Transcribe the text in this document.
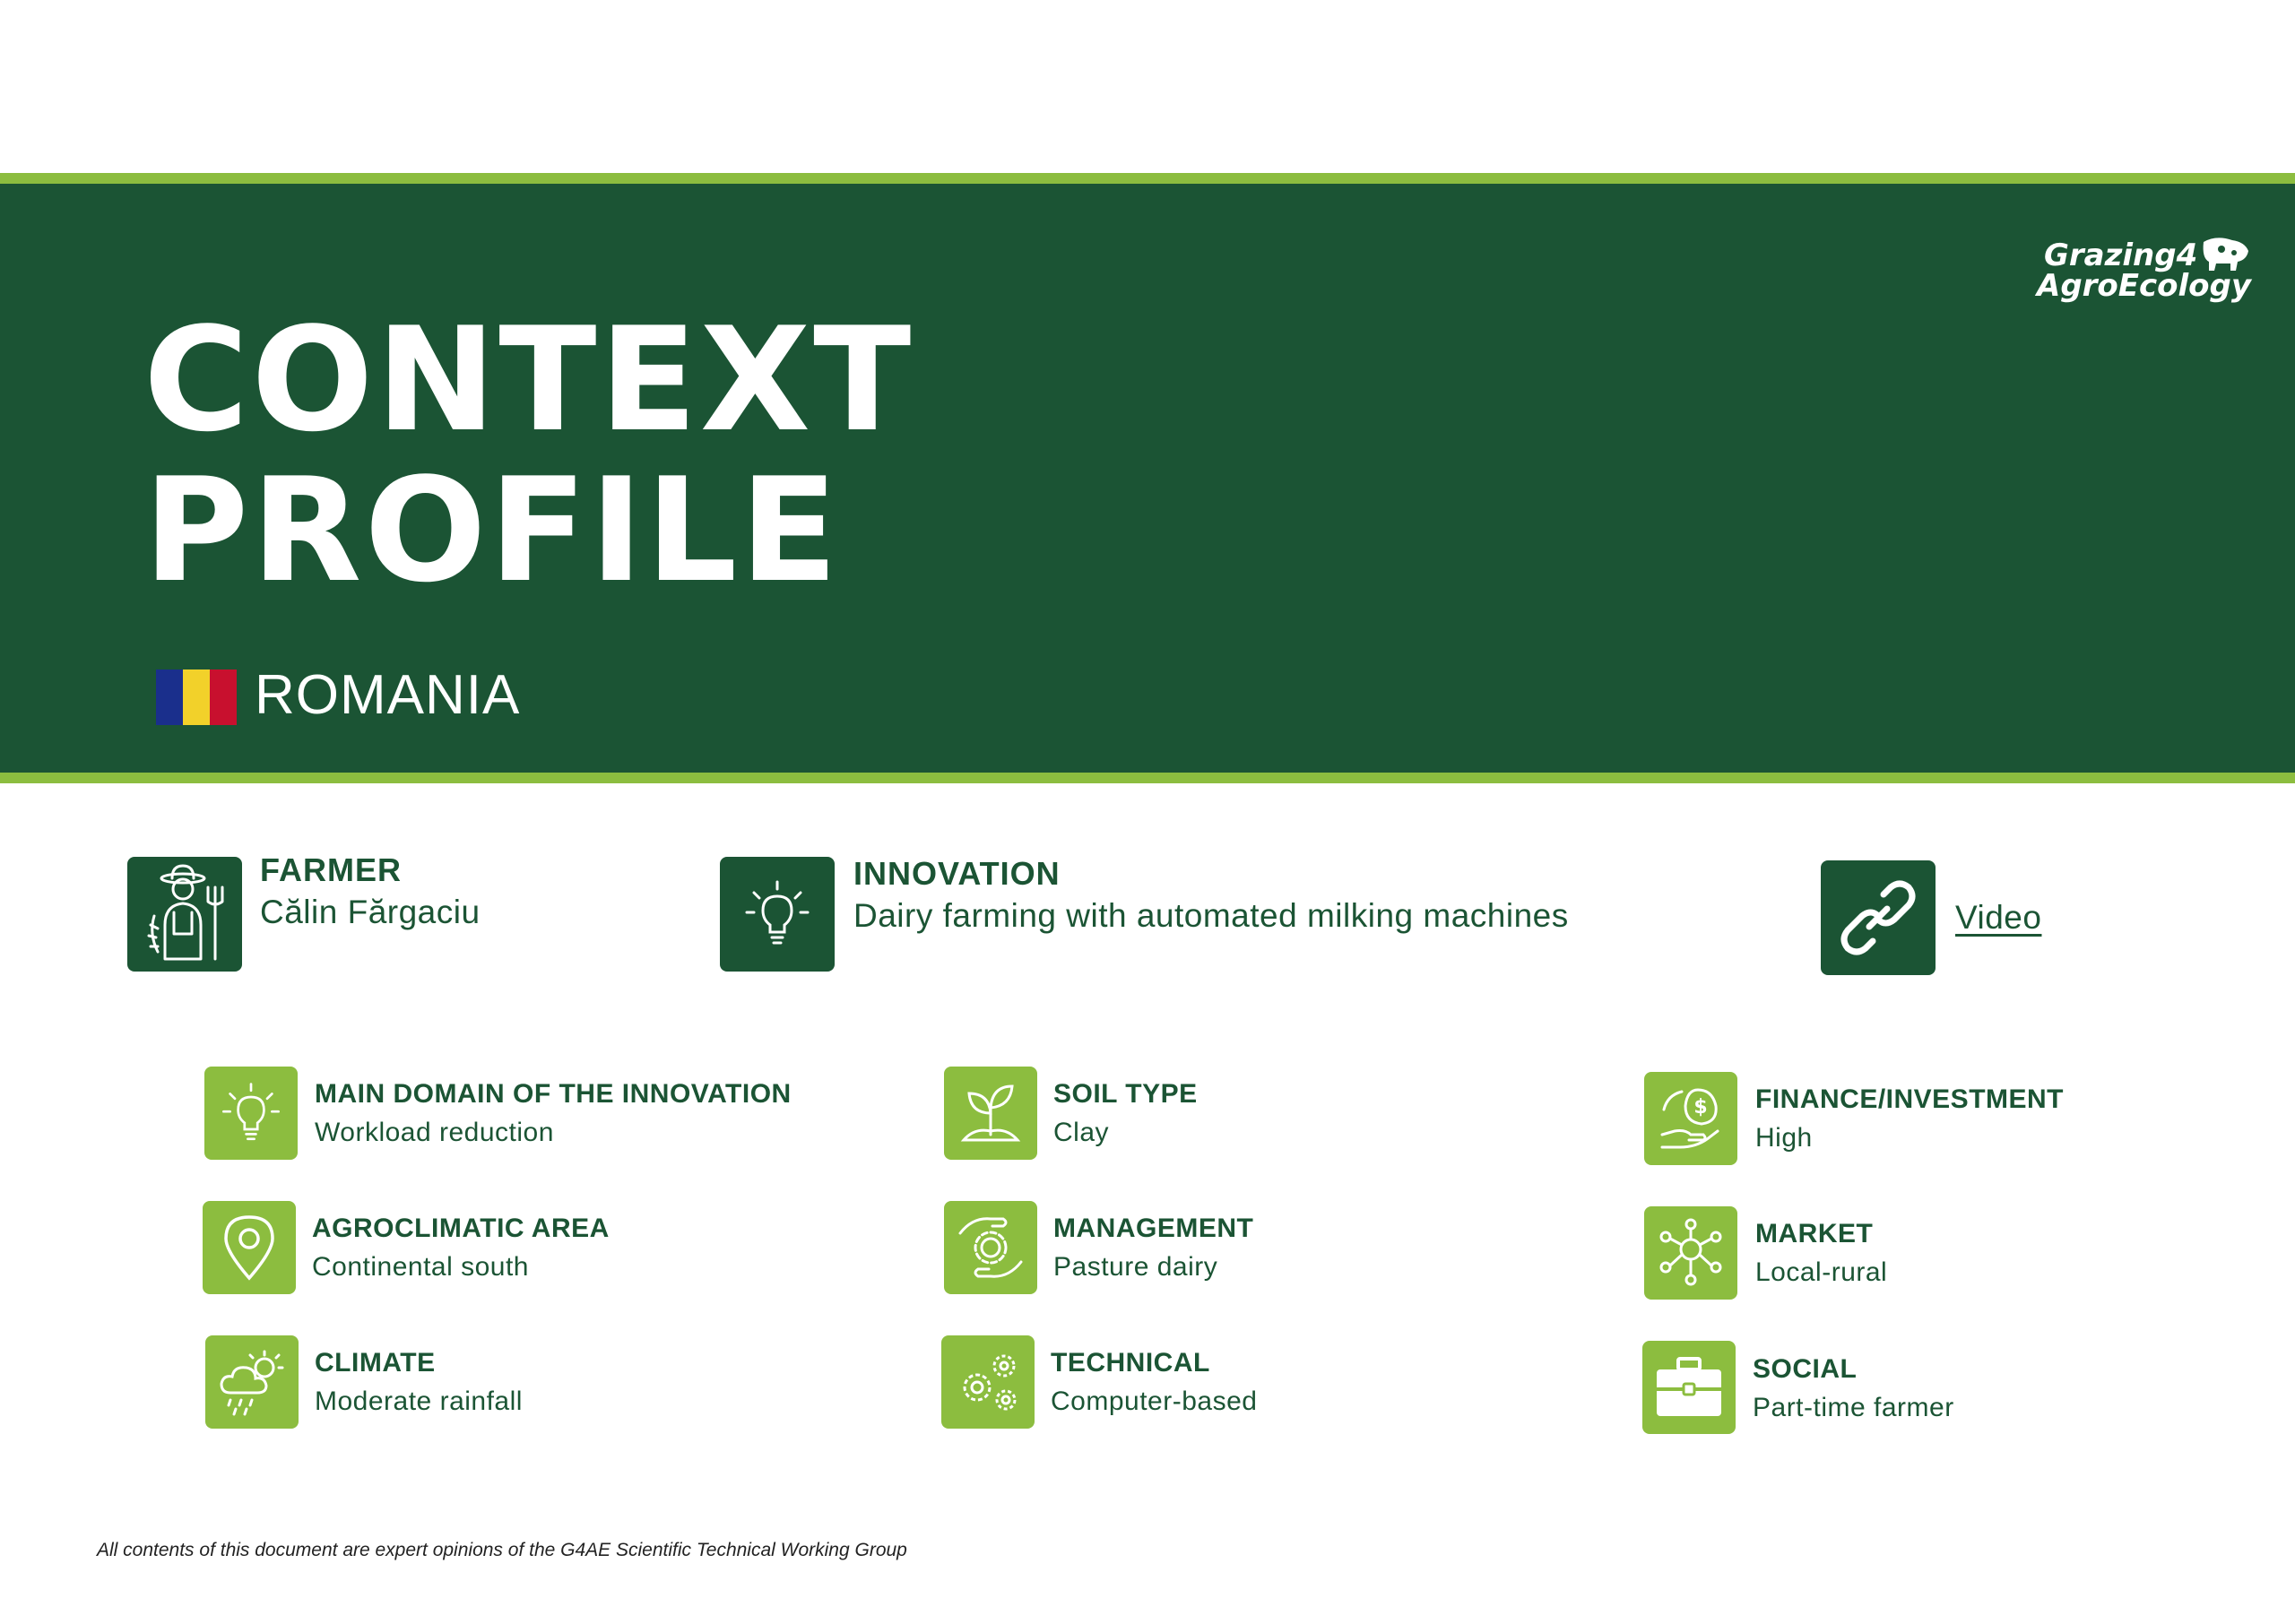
CONTEXT
PROFILE
ROMANIA
Grazing4
AgroEcology
FARMER
Călin Fărgaciu
INNOVATION
Dairy farming with automated milking machines	Video
MAIN DOMAIN OF THE INNOVATION
Workload reduction
AGROCLIMATIC AREA
Continental south
CLIMATE
Moderate rainfall
SOIL TYPE
Clay
MANAGEMENT
Pasture dairy
TECHNICAL
Computer-based
$ FINANCE/INVESTMENT
High
MARKET
Local-rural
SOCIAL
Part-time farmer
All contents of this document are expert opinions of the G4AE Scientific Technical Working Group
